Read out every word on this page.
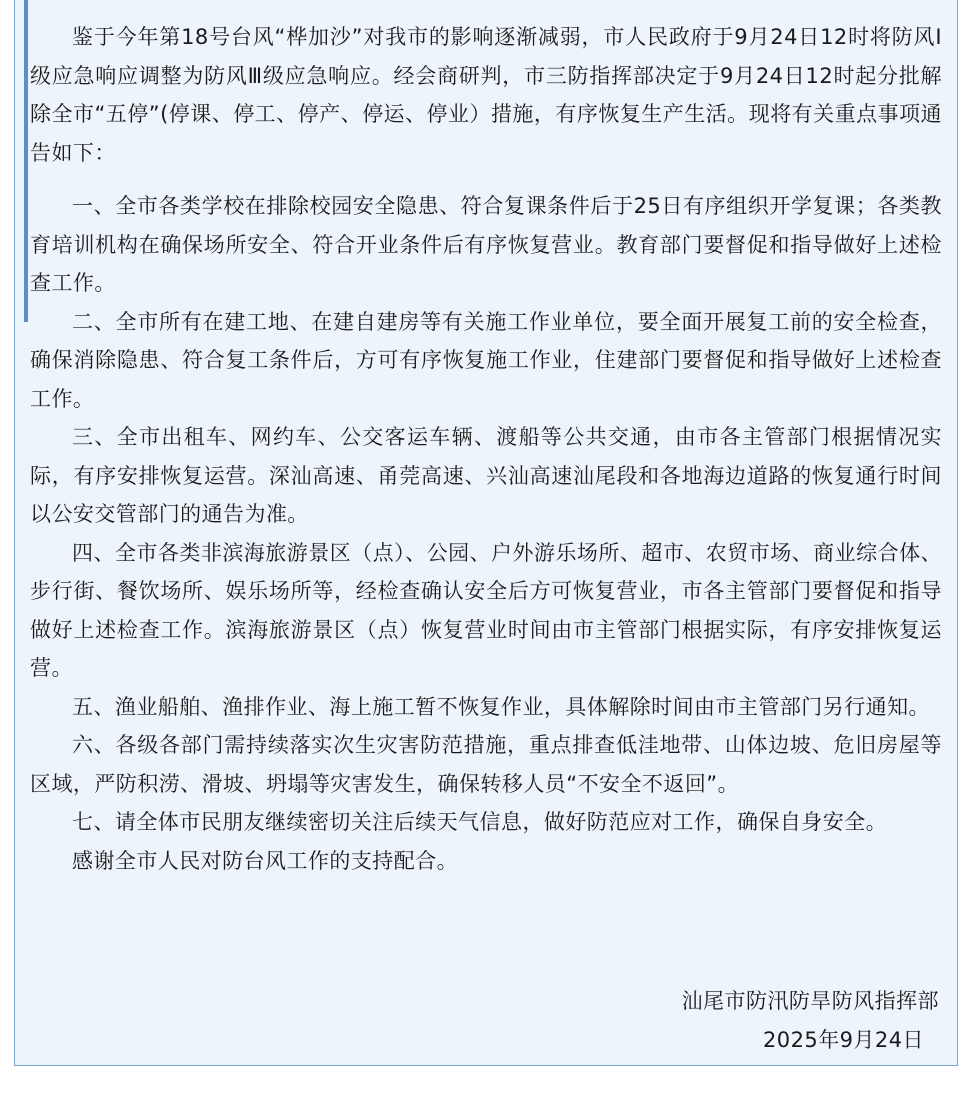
鉴于今年第18号台风“桦加沙”对我市的影响逐渐减弱，市人民政府于9月24日12时将防风I级应急响应调整为防风Ⅲ级应急响应。经会商研判，市三防指挥部决定于9月24日12时起分批解除全市“五停”(停课、停工、停产、停运、停业）措施，有序恢复生产生活。现将有关重点事项通告如下：

一、全市各类学校在排除校园安全隐患、符合复课条件后于25日有序组织开学复课；各类教育培训机构在确保场所安全、符合开业条件后有序恢复营业。教育部门要督促和指导做好上述检查工作。

二、全市所有在建工地、在建自建房等有关施工作业单位，要全面开展复工前的安全检查，确保消除隐患、符合复工条件后，方可有序恢复施工作业，住建部门要督促和指导做好上述检查工作。

三、全市出租车、网约车、公交客运车辆、渡船等公共交通，由市各主管部门根据情况实际，有序安排恢复运营。深汕高速、甬莞高速、兴汕高速汕尾段和各地海边道路的恢复通行时间以公安交管部门的通告为准。

四、全市各类非滨海旅游景区（点）、公园、户外游乐场所、超市、农贸市场、商业综合体、步行街、餐饮场所、娱乐场所等，经检查确认安全后方可恢复营业，市各主管部门要督促和指导做好上述检查工作。滨海旅游景区（点）恢复营业时间由市主管部门根据实际，有序安排恢复运营。

五、渔业船舶、渔排作业、海上施工暂不恢复作业，具体解除时间由市主管部门另行通知。

六、各级各部门需持续落实次生灾害防范措施，重点排查低洼地带、山体边坡、危旧房屋等区域，严防积涝、滑坡、坍塌等灾害发生，确保转移人员“不安全不返回”。

七、请全体市民朋友继续密切关注后续天气信息，做好防范应对工作，确保自身安全。

感谢全市人民对防台风工作的支持配合。

汕尾市防汛防旱防风指挥部
2025年9月24日
